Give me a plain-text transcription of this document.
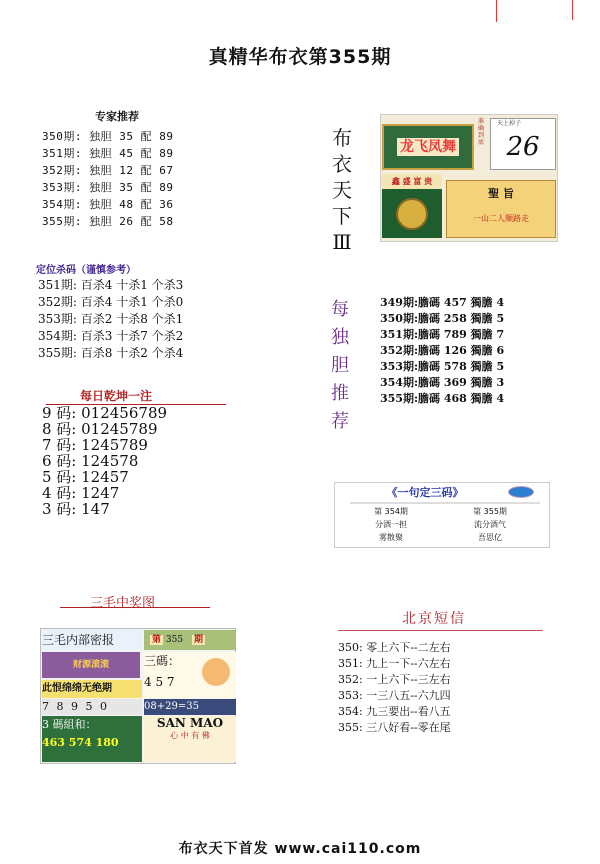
真精华布衣第355期
专家推荐
350期: 独胆 35 配 89
351期: 独胆 45 配 89
352期: 独胆 12 配 67
353期: 独胆 35 配 89
354期: 独胆 48 配 36
355期: 独胆 26 配 58
定位杀码（谨慎参考）
351期: 百杀4 十杀1 个杀3
352期: 百杀4 十杀1 个杀0
353期: 百杀2 十杀8 个杀1
354期: 百杀3 十杀7 个杀2
355期: 百杀8 十杀2 个杀4
每日乾坤一注
9 码: 012456789
8 码: 01245789
7 码: 1245789
6 码: 124578
5 码: 12457
4 码: 1247
3 码: 147
布
衣
天
下
Ⅲ
龙飞凤舞
准确到底
天上掉子
26
鑫 盛 富 贵
聖 旨
一山二人顺路走
每
独
胆
推
荐
349期:膽碼 457 獨膽 4
350期:膽碼 258 獨膽 5
351期:膽碼 789 獨膽 7
352期:膽碼 126 獨膽 6
353期:膽碼 578 獨膽 5
354期:膽碼 369 獨膽 3
355期:膽碼 468 獨膽 4
《一句定三码》
第 354期	第 355期
分酒一担	流分酒气
雾散聚	吾思亿
三毛中奖图
三毛内部密报	第 355 期
财源滚滚
此恨绵绵无绝期
7 8 9 5 0
3 碼組和：
463 574 180
三碼：
4 5 7
08+29=35
SAN MAO
心 中 有 佛
北京短信
350: 零上六下--二左右
351: 九上一下--六左右
352: 一上六下--三左右
353: 一三八五--六九四
354: 九三要出--看八五
355: 三八好看--零在尾
布衣天下首发 www.cai110.com
